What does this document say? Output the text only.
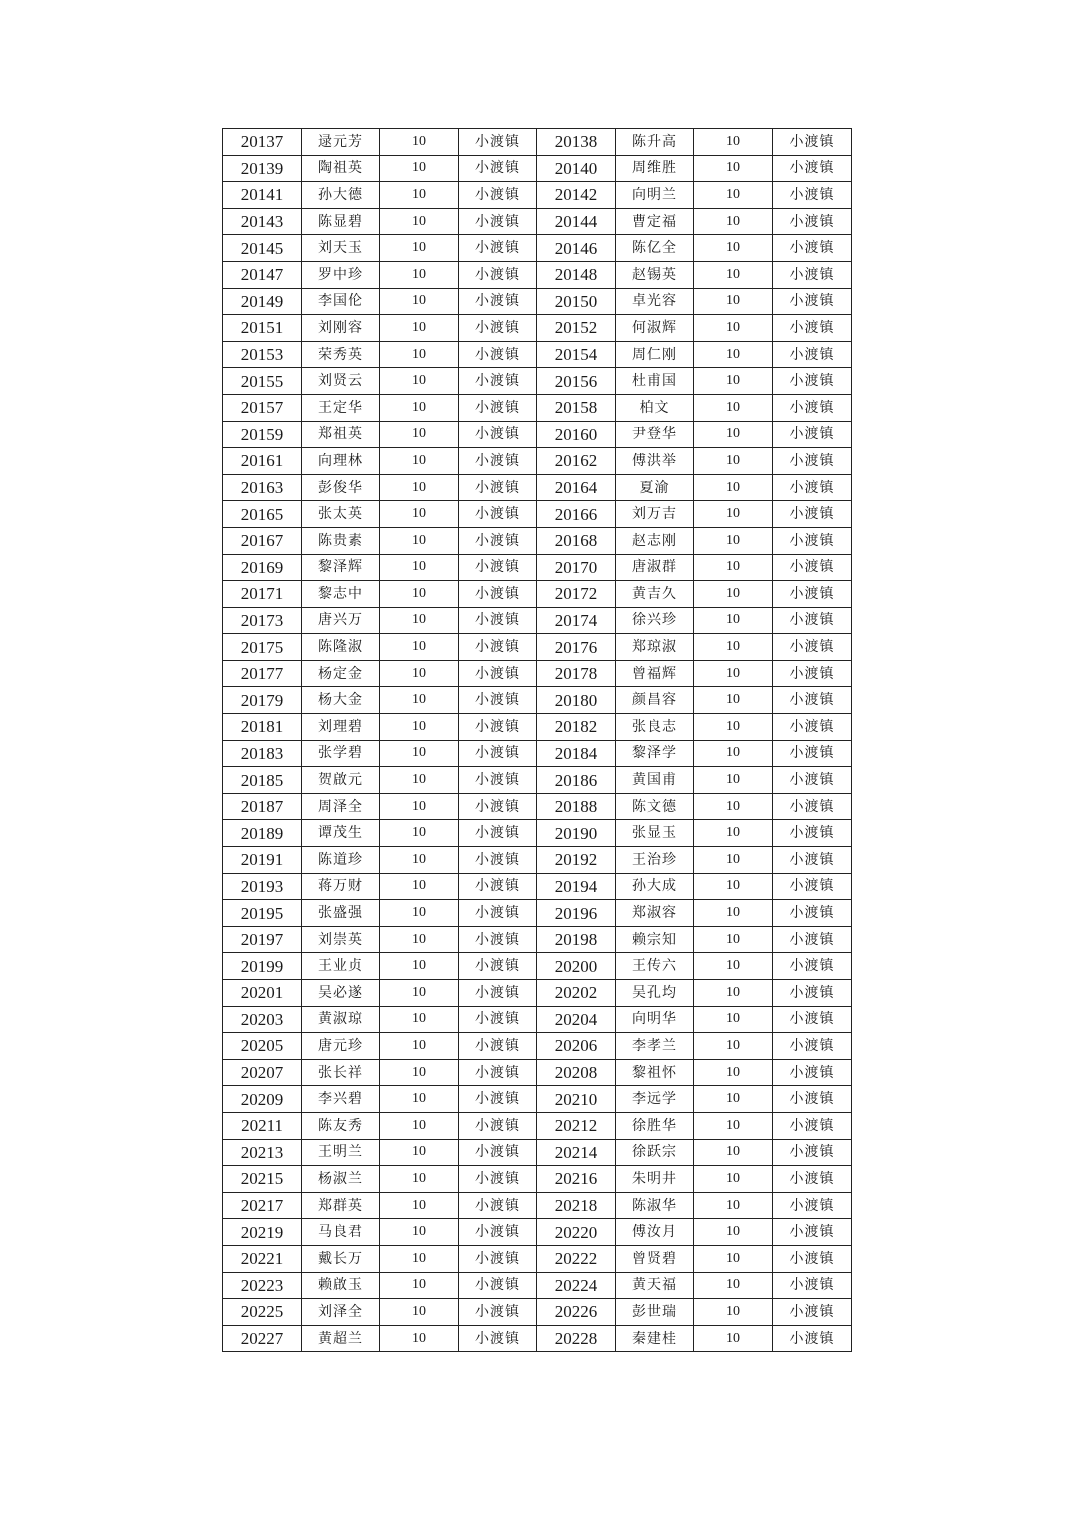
20137	逯元芳	10	小渡镇	20138	陈升高	10	小渡镇
20139	陶祖英	10	小渡镇	20140	周维胜	10	小渡镇
20141	孙大德	10	小渡镇	20142	向明兰	10	小渡镇
20143	陈显碧	10	小渡镇	20144	曹定福	10	小渡镇
20145	刘天玉	10	小渡镇	20146	陈亿全	10	小渡镇
20147	罗中珍	10	小渡镇	20148	赵锡英	10	小渡镇
20149	李国伦	10	小渡镇	20150	卓光容	10	小渡镇
20151	刘刚容	10	小渡镇	20152	何淑辉	10	小渡镇
20153	荣秀英	10	小渡镇	20154	周仁刚	10	小渡镇
20155	刘贤云	10	小渡镇	20156	杜甫国	10	小渡镇
20157	王定华	10	小渡镇	20158	柏文	10	小渡镇
20159	郑祖英	10	小渡镇	20160	尹登华	10	小渡镇
20161	向理林	10	小渡镇	20162	傅洪举	10	小渡镇
20163	彭俊华	10	小渡镇	20164	夏渝	10	小渡镇
20165	张太英	10	小渡镇	20166	刘万吉	10	小渡镇
20167	陈贵素	10	小渡镇	20168	赵志刚	10	小渡镇
20169	黎泽辉	10	小渡镇	20170	唐淑群	10	小渡镇
20171	黎志中	10	小渡镇	20172	黄吉久	10	小渡镇
20173	唐兴万	10	小渡镇	20174	徐兴珍	10	小渡镇
20175	陈隆淑	10	小渡镇	20176	郑琼淑	10	小渡镇
20177	杨定金	10	小渡镇	20178	曾福辉	10	小渡镇
20179	杨大金	10	小渡镇	20180	颜昌容	10	小渡镇
20181	刘理碧	10	小渡镇	20182	张良志	10	小渡镇
20183	张学碧	10	小渡镇	20184	黎泽学	10	小渡镇
20185	贺啟元	10	小渡镇	20186	黄国甫	10	小渡镇
20187	周泽全	10	小渡镇	20188	陈文德	10	小渡镇
20189	谭茂生	10	小渡镇	20190	张显玉	10	小渡镇
20191	陈道珍	10	小渡镇	20192	王治珍	10	小渡镇
20193	蒋万财	10	小渡镇	20194	孙大成	10	小渡镇
20195	张盛强	10	小渡镇	20196	郑淑容	10	小渡镇
20197	刘崇英	10	小渡镇	20198	赖宗知	10	小渡镇
20199	王业贞	10	小渡镇	20200	王传六	10	小渡镇
20201	吴必遂	10	小渡镇	20202	吴孔均	10	小渡镇
20203	黄淑琼	10	小渡镇	20204	向明华	10	小渡镇
20205	唐元珍	10	小渡镇	20206	李孝兰	10	小渡镇
20207	张长祥	10	小渡镇	20208	黎祖怀	10	小渡镇
20209	李兴碧	10	小渡镇	20210	李远学	10	小渡镇
20211	陈友秀	10	小渡镇	20212	徐胜华	10	小渡镇
20213	王明兰	10	小渡镇	20214	徐跃宗	10	小渡镇
20215	杨淑兰	10	小渡镇	20216	朱明井	10	小渡镇
20217	郑群英	10	小渡镇	20218	陈淑华	10	小渡镇
20219	马良君	10	小渡镇	20220	傅汝月	10	小渡镇
20221	戴长万	10	小渡镇	20222	曾贤碧	10	小渡镇
20223	赖啟玉	10	小渡镇	20224	黄天福	10	小渡镇
20225	刘泽全	10	小渡镇	20226	彭世瑞	10	小渡镇
20227	黄超兰	10	小渡镇	20228	秦建桂	10	小渡镇
